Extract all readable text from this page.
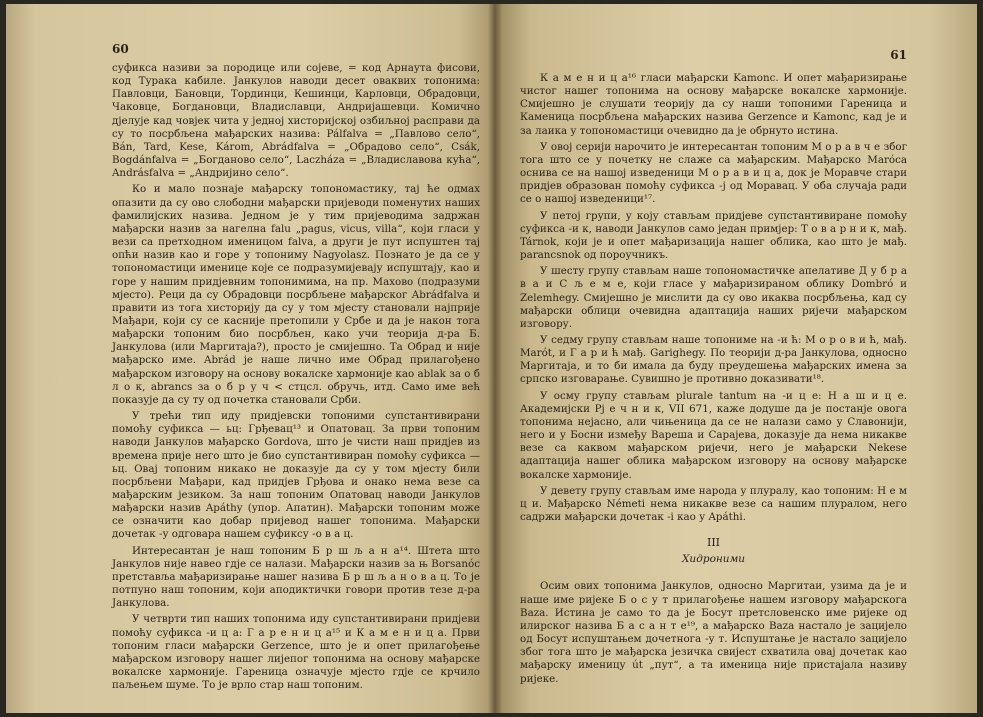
60

суфикса називи за породице или сојеве, = код Арнаута фисови, код Турака кабиле. Јанкулов наводи десет оваквих топонима: Павловци, Бановци, Тординци, Кешинци, Карловци, Обрадовци, Чаковце, Богдановци, Владиславци, Андријашевци. Комично дјелује кад човјек чита у једној хисторијској озбиљној расправи да су то посрбљена мађарских назива: Pálfalva = „Павлово село“, Bán, Tard, Kese, Károm, Abrádfalva = „Обрадово село“, Csák, Bogdánfalva = „Богданово село“, Laczháza = „Владиславова кућа“, Andrásfalva = „Андријино село“.

Ко и мало познаје мађарску топономастику, тај ће одмах опазити да су ово слободни мађарски пријеводи поменутих наших фамилијских назива. Једном је у тим пријеводима задржан мађарски назив за нагелна falu „pagus, vicus, villa“, који гласи у вези са претходном именицом falva, а други је пут испуштен тај опћи назив као и горе у топониму Nagyolasz. Познато је да се у топономастици именице које се подразумијевају испуштају, као и горе у нашим придјевним топонимима, на пр. Махово (подразуми мјесто). Реци да су Обрадовци посрбљене мађарског Abrádfalva и правити из тога хисторију да су у том мјесту становали најприје Мађари, који су се касније претопили у Србе и да је након тога мађарски топоним био посрбљен, како учи теорија д-ра Б. Јанкулова (или Маргитаја?), просто је смијешно. Та Обрад и није мађарско име. Abrád је наше лично име Обрад прилагођено мађарском изговору на основу вокалске хармоније као ablak за о б л о к, abrancs за о б р у ч < стцсл. обручь, итд. Само име већ показује да су ту од почетка становали Срби.

У трећи тип иду придјевски топоними супстантивирани помоћу суфикса — ьц: Грђевац¹³ и Опатовац. За први топоним наводи Јанкулов мађарско Gordova, што је чисти наш придјев из времена прије него што је био супстантивиран помоћу суфикса — ьц. Овај топоним никако не доказује да су у том мјесту били посрбљени Мађари, кад придјев Грђова и онако нема везе са мађарским језиком. За наш топоним Опатовац наводи Јанкулов мађарски назив Apáthy (упор. Апатин). Мађарски топоним може се означити као добар пријевод нашег топонима. Мађарски дочетак -у одговара нашем суфиксу -о в а ц.

Интересантан је наш топоним Б р ш љ а н а¹⁴. Штета што Јанкулов није навео гдје се налази. Мађарски назив за њ Borsanóc претставља мађаризирање нашег назива Б р ш љ а н о в а ц. То је потпуно наш топоним, који аподиктички говори против тезе д-ра Јанкулова.

У четврти тип наших топонима иду супстантивирани придјеви помоћу суфикса -и ц а: Г а р е н и ц а¹⁵ и К а м е н и ц а. Први топоним гласи мађарски Gerzence, што је и опет прилагођење мађарском изговору нашег лијепог топонима на основу мађарске вокалске хармоније. Гареница означује мјесто гдје се крчило паљењем шуме. То је врло стар наш топоним.

61

К а м е н и ц а¹⁶ гласи мађарски Kamonc. И опет мађаризирање чистог нашег топонима на основу мађарске вокалске хармоније. Смијешно је слушати теорију да су наши топоними Гареница и Каменица посрбљена мађарских назива Gerzence и Kamonc, кад је и за лаика у топономастици очевидно да је обрнуто истина.

У овој серији нарочито је интересантан топоним М о р а в ч е због тога што се у почетку не слаже са мађарским. Мађарско Marócа оснива се на нашој изведеници М о р а в и ц а, док је Моравче стари придјев образован помоћу суфикса -ј од Моравац. У оба случаја ради се о нашој изведеници¹⁷.

У петој групи, у коју стављам придјеве супстантивиране помоћу суфикса -и к, наводи Јанкулов само један примјер: Т о в а р н и к, мађ. Tárnok, који је и опет мађаризација нашег облика, као што је мађ. parancsnok од пороучникъ.

У шесту групу стављам наше топономастичке апелативе Д у б р а в а и С љ е м е, који гласе у мађаризираном облику Dombró и Zelemhegy. Смијешно је мислити да су ово икаква посрбљења, кад су мађарски облици очевидна адаптација наших ријечи мађарском изговору.

У седму групу стављам наше топониме на -и ћ: М о р о в и ћ, мађ. Marót, и Г а р и ћ мађ. Garighegy. По теорији д-ра Јанкулова, односно Маргитаја, и то би имала да буду преудешења мађарских имена за српско изговарање. Сувишно је противно доказивати¹⁸.

У осму групу стављам plurale tantum на -и ц е: Н а ш и ц е. Академијски Рј е ч н и к, VII 671, каже додуше да је постанје овога топонима нејасно, али чињеница да се не налази само у Славонији, него и у Босни између Вареша и Сарајева, доказује да нема никакве везе са каквом мађарском ријечи, него је мађарски Nekese адаптација нашег облика мађарском изговору на основу мађарске вокалске хармоније.

У девету групу стављам име народа у плуралу, као топоним: Н е м ц и. Мађарско Németi нема никакве везе са нашим плуралом, него садржи мађарски дочетак -i као у Apáthi.

III
Хидроними

Осим ових топонима Јанкулов, односно Маргитаи, узима да је и наше име ријеке Б о с у т прилагођење нашем изговору мађарскога Baza. Истина је само то да је Босут претсловенско име ријеке од илирског назива Б а с а н т е¹⁹, а мађарско Baza настало је зацијело од Босут испуштањем дочетнога -у т. Испуштање је настало зацијело због тога што је мађарска језичка свијест схватила овај дочетак као мађарску именицу út „пут“, а та именица није пристајала називу ријеке.
